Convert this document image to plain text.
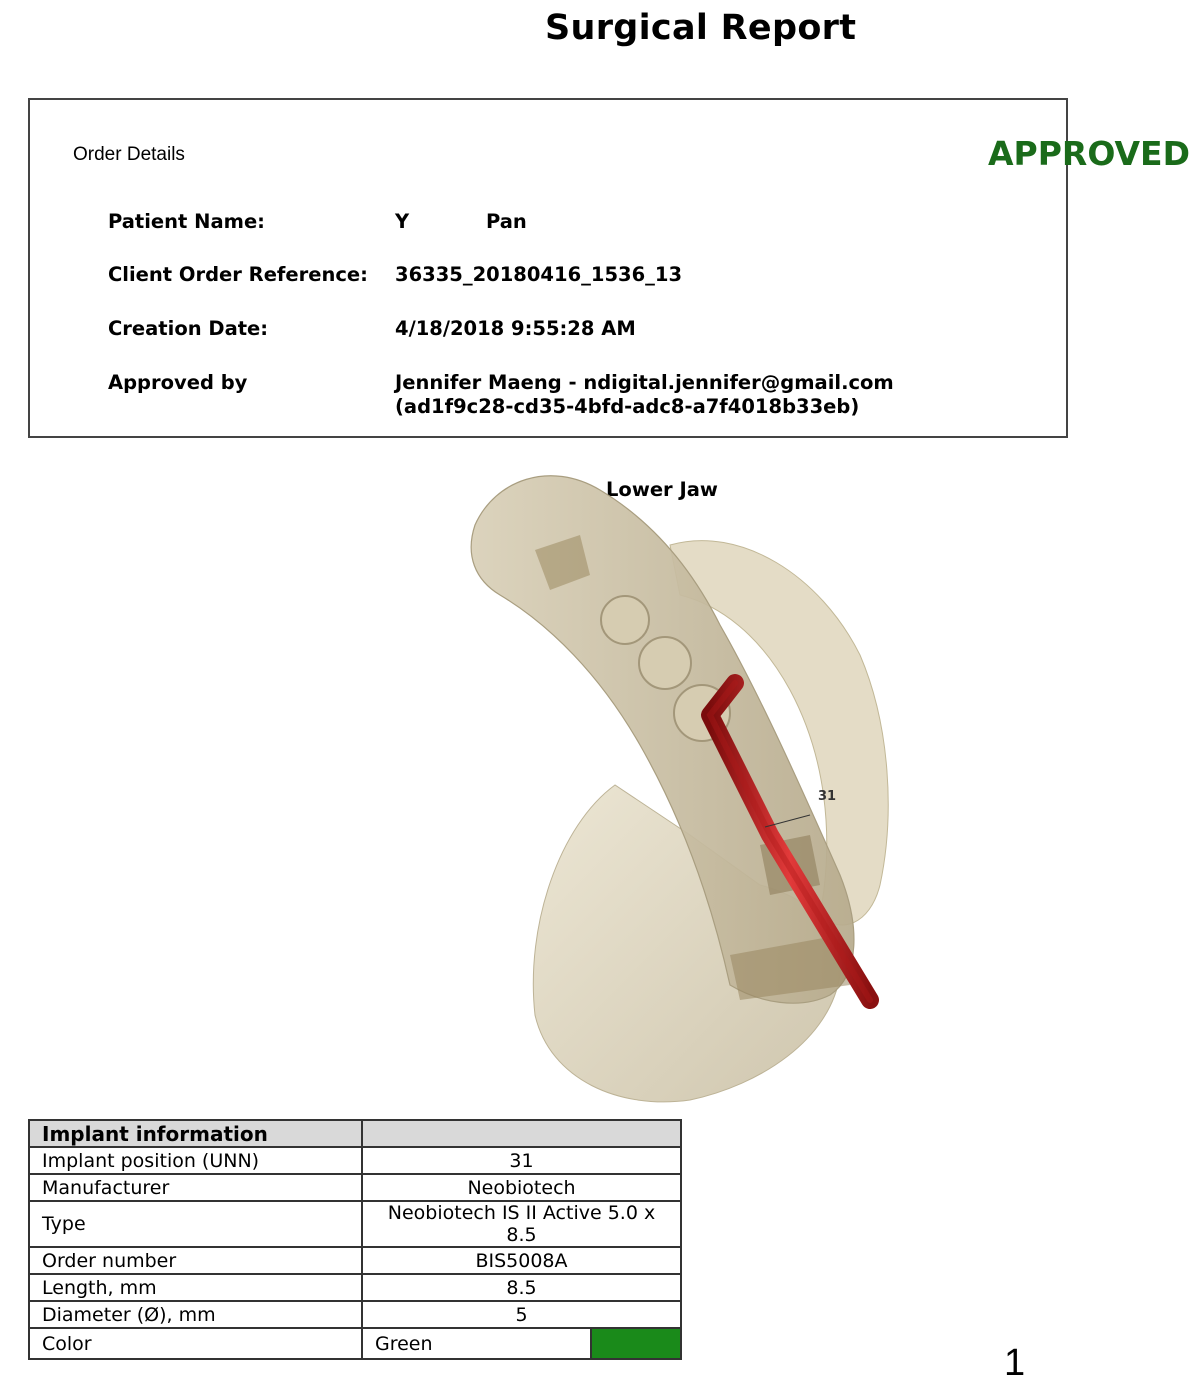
Surgical Report
Order Details	APPROVED
Patient Name:	Y	Pan
Client Order Reference: 36335_20180416_1536_13
Creation Date:	4/18/2018 9:55:28 AM
Approved by	Jennifer Maeng - ndigital.jennifer@gmail.com
(ad1f9c28-cd35-4bfd-adc8-a7f4018b33eb)
Lower Jaw
31
Implant information	
Implant position (UNN)	31
Manufacturer	Neobiotech
Type	Neobiotech IS II Active 5.0 x 8.5
Order number	BIS5008A
Length, mm	8.5
Diameter (Ø), mm	5
Color	Green	1
